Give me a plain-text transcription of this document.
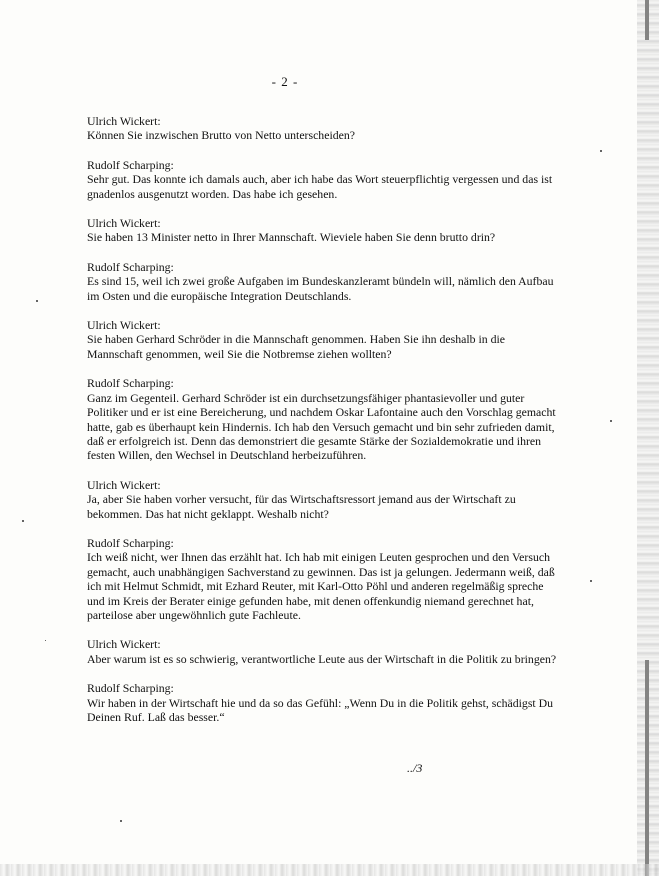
- 2 -
Ulrich Wickert:
Können Sie inzwischen Brutto von Netto unterscheiden?
Rudolf Scharping:
Sehr gut. Das konnte ich damals auch, aber ich habe das Wort steuerpflichtig vergessen und das ist gnadenlos ausgenutzt worden. Das habe ich gesehen.
Ulrich Wickert:
Sie haben 13 Minister netto in Ihrer Mannschaft. Wieviele haben Sie denn brutto drin?
Rudolf Scharping:
Es sind 15, weil ich zwei große Aufgaben im Bundeskanzleramt bündeln will, nämlich den Aufbau im Osten und die europäische Integration Deutschlands.
Ulrich Wickert:
Sie haben Gerhard Schröder in die Mannschaft genommen. Haben Sie ihn deshalb in die Mannschaft genommen, weil Sie die Notbremse ziehen wollten?
Rudolf Scharping:
Ganz im Gegenteil. Gerhard Schröder ist ein durchsetzungsfähiger phantasievoller und guter Politiker und er ist eine Bereicherung, und nachdem Oskar Lafontaine auch den Vorschlag gemacht hatte, gab es überhaupt kein Hindernis. Ich hab den Versuch gemacht und bin sehr zufrieden damit, daß er erfolgreich ist. Denn das demonstriert die gesamte Stärke der Sozialdemokratie und ihren festen Willen, den Wechsel in Deutschland herbeizuführen.
Ulrich Wickert:
Ja, aber Sie haben vorher versucht, für das Wirtschaftsressort jemand aus der Wirtschaft zu bekommen. Das hat nicht geklappt. Weshalb nicht?
Rudolf Scharping:
Ich weiß nicht, wer Ihnen das erzählt hat. Ich hab mit einigen Leuten gesprochen und den Versuch gemacht, auch unabhängigen Sachverstand zu gewinnen. Das ist ja gelungen. Jedermann weiß, daß ich mit Helmut Schmidt, mit Ezhard Reuter, mit Karl-Otto Pöhl und anderen regelmäßig spreche und im Kreis der Berater einige gefunden habe, mit denen offenkundig niemand gerechnet hat, parteilose aber ungewöhnlich gute Fachleute.
Ulrich Wickert:
Aber warum ist es so schwierig, verantwortliche Leute aus der Wirtschaft in die Politik zu bringen?
Rudolf Scharping:
Wir haben in der Wirtschaft hie und da so das Gefühl: „Wenn Du in die Politik gehst, schädigst Du Deinen Ruf. Laß das besser.“
../3
